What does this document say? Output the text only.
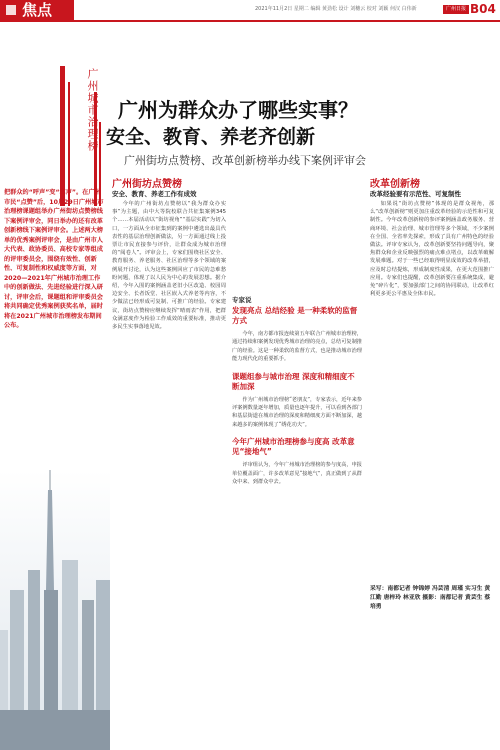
焦点	2021年11月2日 星期二 编辑 黄劲松 设计 刘穗云 校对 刘颖 何汉 白伟新	广州日报 B04
广州城市治理榜 广州为群众办了哪些实事？
安全、教育、养老齐创新
广州街坊点赞榜、改革创新榜举办线下案例评审会
把群众的“呼声”变“掌声”。在广州市民“点赞”后，10月29日广州城市治理榜课题组举办广州街坊点赞榜线下案例评审会，同日举办的还有改革创新榜线下案例评审会。上述两大榜单的优秀案例评审会，是由广州市人大代表、政协委员、高校专家等组成的评审委员会，围绕有效性、创新性、可复制性和权威度等方面，对2020—2021年广州城市治理工作中的创新做法、先进经验进行深入研讨，评审会后，课题组和评审委员会将共同确定优秀案例获奖名单，届时将在2021广州城市治理榜发布期间公布。
广州街坊点赞榜
安全、教育、养老工作有成效
今年的广州街坊点赞榜以“我为群众办实事”为主题，由中大等院校联合共征集案例345个……本届活动以“街坊视角”“基层实践”为切入口，一方面从全市征集到的案例中遴选出最具代表性的基层治理创新做法，另一方面通过线上投票让市民直接参与评价，让群众成为城市治理的“阅卷人”。评审会上，专家们围绕社区安全、教育服务、养老服务、社区治理等多个领域的案例展开讨论，认为这些案例回应了市民的急难愁盼问题，体现了以人民为中心的发展思想。据介绍，今年入围的案例涵盖老旧小区改造、校园周边安全、长者饭堂、社区嵌入式养老等内容，不少做法已经形成可复制、可推广的经验。专家建议，街坊点赞榜应继续发挥“晴雨表”作用，把群众满意度作为检验工作成效的重要标准，推动更多民生实事落地见效。
专家说
发现亮点 总结经验 是一种柔软的监督方式
今年，南方都市报连续第五年联合广州城市治理榜，通过持续和案例发现优秀城市治理的亮点，总结可复制推广的经验。这是一种柔软的监督方式，也是推动城市治理能力现代化的重要抓手。
课题组参与城市治理 深度和精细度不断加深
作为广州城市治理榜“老朋友”，专家表示，近年来参评案例数量逐年增加，质量也逐年提升，可以看到各部门和基层街道在城市治理的深度和精细度方面不断加深，越来越多的案例体现了“绣花功夫”。
今年广州城市治理榜参与度高 改革意见“接地气”
评审组认为，今年广州城市治理榜的参与度高，申报单位覆盖面广，许多改革意见“接地气”，真正做到了从群众中来、到群众中去。
改革创新榜
改革经验要有示范性、可复制性
如果说“街坊点赞榜”体现的是群众视角，那么“改革创新榜”则更加注重改革经验的示范性和可复制性。今年改革创新榜的参评案例涵盖政务服务、营商环境、社会治理、城市管理等多个领域，不少案例在全国、全省率先探索，形成了具有广州特色的经验做法。评审专家认为，改革创新要坚持问题导向，聚焦群众和企业反映强烈的痛点难点堵点，以改革破解发展难题。对于一些已经取得明显成效的改革举措，应及时总结提炼，形成制度性成果，在更大范围推广应用。专家们也提醒，改革创新要注重系统集成，避免“碎片化”，要加强部门之间的协同联动，让改革红利更多更公平惠及全体市民。
采写：南都记者 钟锦婷 冯芸清 周瑾 实习生 黄江勤 唐梓玲 林亚欣 摄影：南都记者 黄芸生 蔡培勇
